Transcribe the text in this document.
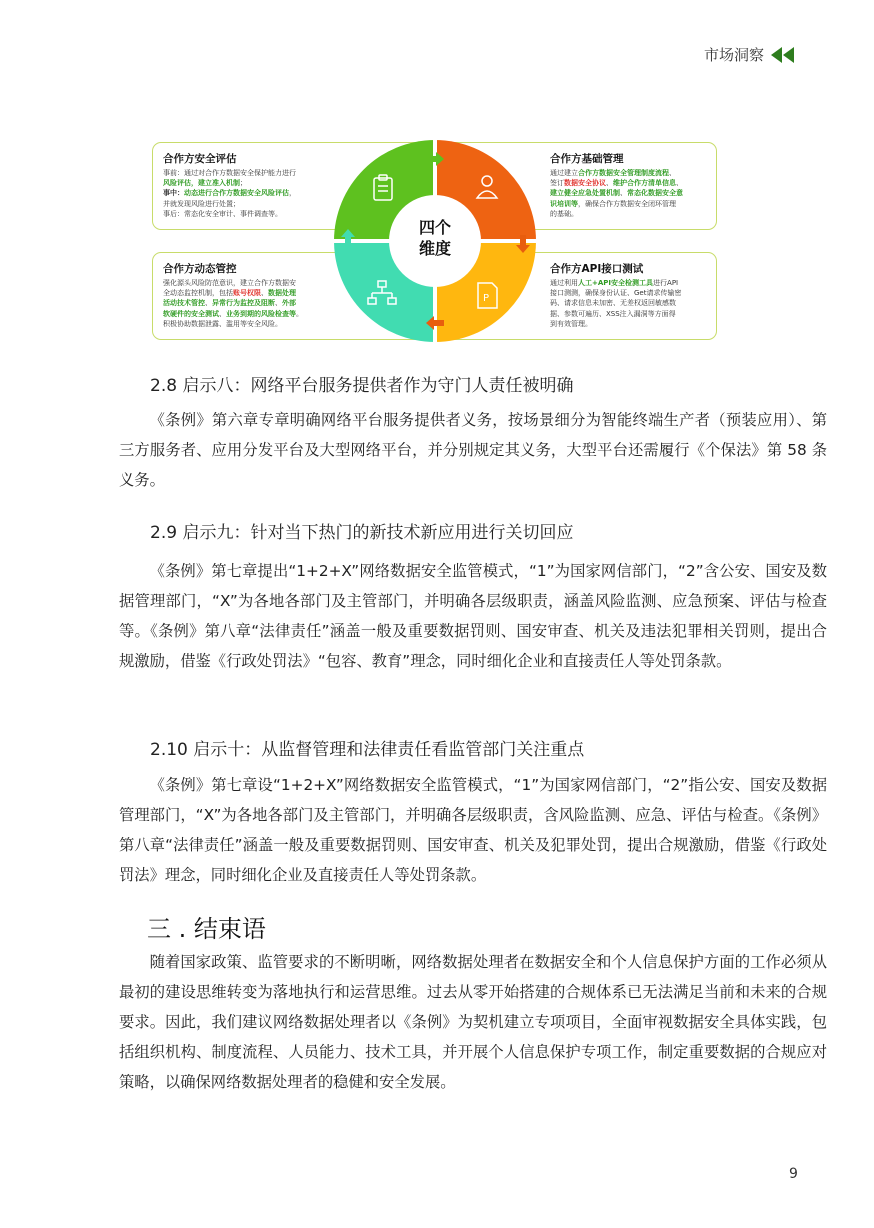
市场洞察
合作方安全评估
事前：通过对合作方数据安全保护能力进行
风险评估，建立准入机制；
事中：动态进行合作方数据安全风险评估，
并就发现风险进行处置；
事后：常态化安全审计、事件调查等。
合作方基础管理
通过建立合作方数据安全管理制度流程、
签订数据安全协议、维护合作方清单信息、
建立健全应急处置机制、常态化数据安全意
识培训等，确保合作方数据安全闭环管理
的基础。
合作方动态管控
强化源头风险防范意识，建立合作方数据安
全动态监控机制，包括账号权限、数据处理
活动技术管控、异常行为监控及阻断、外部
软硬件的安全测试、业务到期的风险检查等。
积极协助数据泄露、滥用等安全风险。
合作方API接口测试
通过利用人工+API安全检测工具进行API
接口测测，确保身份认证、Get请求传输密
码、请求信息未加密、无差权返回敏感数
据、参数可遍历、XSS注入漏洞等方面得
到有效管理。
P
四个
维度
2.8 启示八：网络平台服务提供者作为守门人责任被明确

《条例》第六章专章明确网络平台服务提供者义务，按场景细分为智能终端生产者（预装应用）、第三方服务者、应用分发平台及大型网络平台，并分别规定其义务，大型平台还需履行《个保法》第 58 条义务。

2.9 启示九：针对当下热门的新技术新应用进行关切回应

《条例》第七章提出“1+2+X”网络数据安全监管模式，“1”为国家网信部门，“2”含公安、国安及数据管理部门，“X”为各地各部门及主管部门，并明确各层级职责，涵盖风险监测、应急预案、评估与检查等。《条例》第八章“法律责任”涵盖一般及重要数据罚则、国安审查、机关及违法犯罪相关罚则，提出合规激励，借鉴《行政处罚法》“包容、教育”理念，同时细化企业和直接责任人等处罚条款。

2.10 启示十：从监督管理和法律责任看监管部门关注重点

《条例》第七章设“1+2+X”网络数据安全监管模式，“1”为国家网信部门，“2”指公安、国安及数据管理部门，“X”为各地各部门及主管部门，并明确各层级职责，含风险监测、应急、评估与检查。《条例》第八章“法律责任”涵盖一般及重要数据罚则、国安审查、机关及犯罪处罚，提出合规激励，借鉴《行政处罚法》理念，同时细化企业及直接责任人等处罚条款。

三 . 结束语

随着国家政策、监管要求的不断明晰，网络数据处理者在数据安全和个人信息保护方面的工作必须从最初的建设思维转变为落地执行和运营思维。过去从零开始搭建的合规体系已无法满足当前和未来的合规要求。因此，我们建议网络数据处理者以《条例》为契机建立专项项目，全面审视数据安全具体实践，包括组织机构、制度流程、人员能力、技术工具，并开展个人信息保护专项工作，制定重要数据的合规应对策略，以确保网络数据处理者的稳健和安全发展。

9
